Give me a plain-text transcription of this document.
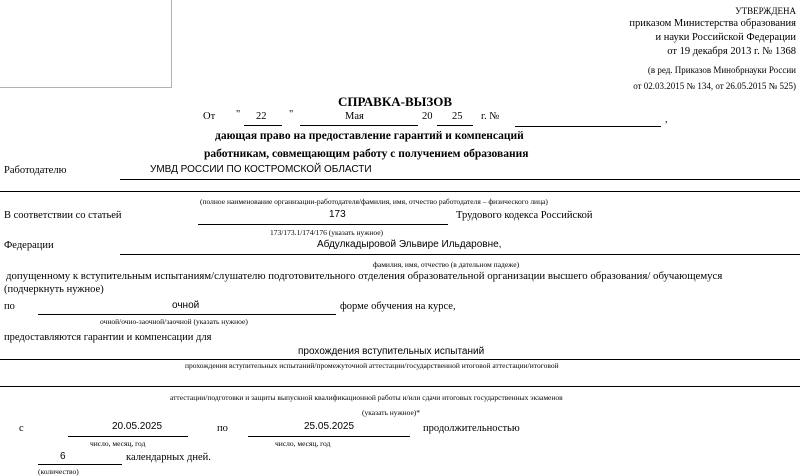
УТВЕРЖДЕНА
приказом Министерства образования
и науки Российской Федерации
от 19 декабря 2013 г. № 1368
(в ред. Приказов Минобрнауки России
от 02.03.2015 № 134, от 26.05.2015 № 525)
СПРАВКА-ВЫЗОВ
От " 22 "	Мая	20 25 г. №	,
дающая право на предоставление гарантий и компенсаций
работникам, совмещающим работу с получением образования
Работодателю	УМВД РОССИИ ПО КОСТРОМСКОЙ ОБЛАСТИ
(полное наименование организации-работодателя/фамилия, имя, отчество работодателя – физического лица)
В соответствии со статьей	173	Трудового кодекса Российской
173/173.1/174/176 (указать нужное)
Федерации	Абдулкадыровой Эльвире Ильдаровне,
фамилия, имя, отчество (в дательном падеже)
допущенному к вступительным испытаниям/слушателю подготовительного отделения образовательной организации высшего образования/ обучающемуся
(подчеркнуть нужное)
по	очной	форме обучения на курсе,
очной/очно-заочной/заочной (указать нужное)
предоставляются гарантии и компенсации для
прохождения вступительных испытаний
прохождения вступительных испытаний/промежуточной аттестации/государственной итоговой аттестации/итоговой
аттестации/подготовки и защиты выпускной квалификационной работы и/или сдачи итоговых государственных экзаменов
(указать нужное)*
с	20.05.2025	по	25.05.2025	продолжительностью
число, месяц, год	число, месяц, год
6	календарных дней.
(количество)
